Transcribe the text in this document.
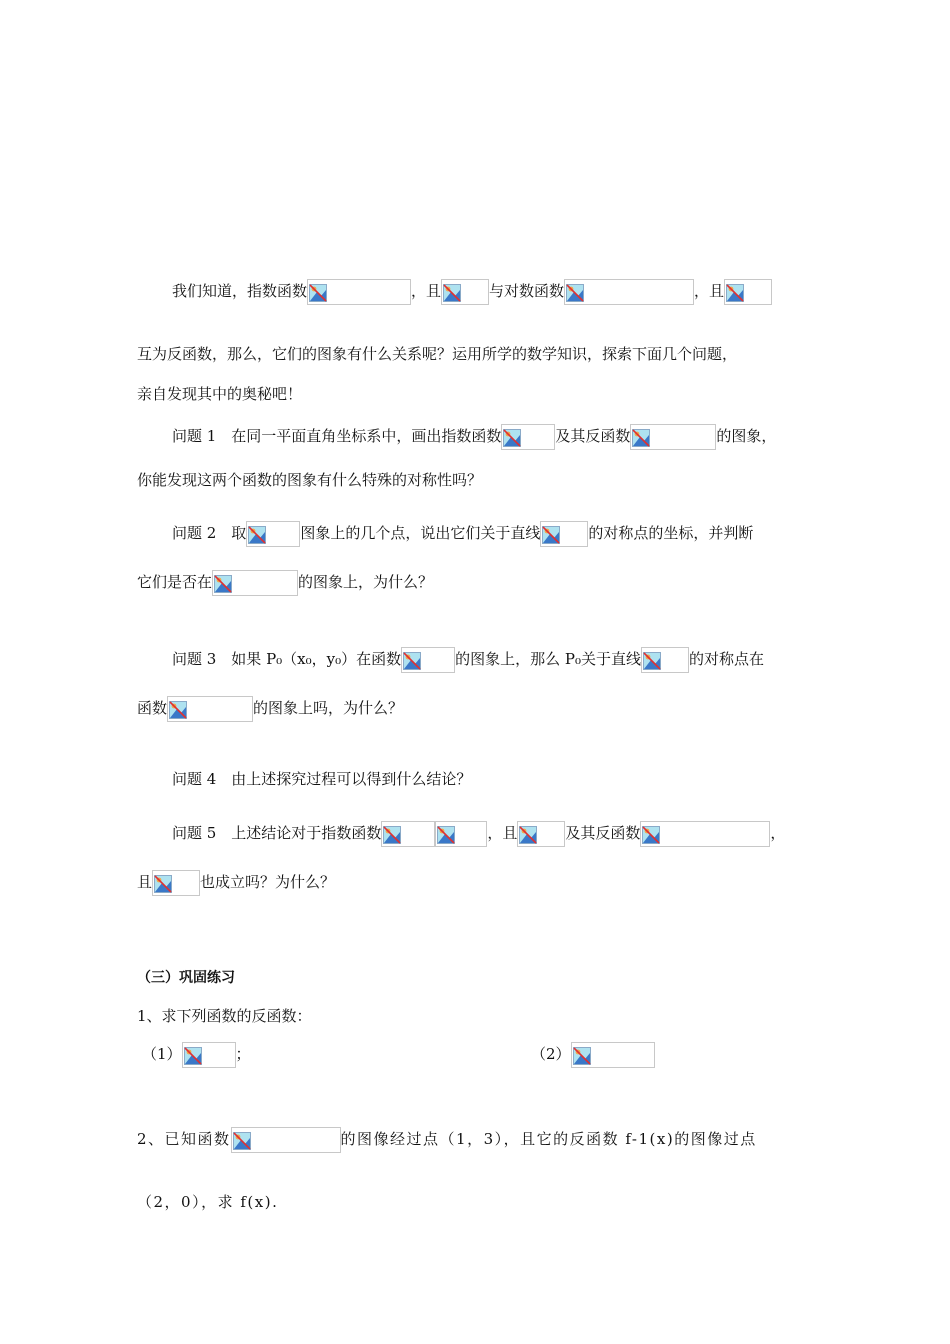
我们知道，指数函数	，且	与对数函数	，且
互为反函数，那么，它们的图象有什么关系呢？运用所学的数学知识，探索下面几个问题，
亲自发现其中的奥秘吧！
问题 1　在同一平面直角坐标系中，画出指数函数	及其反函数	的图象，
你能发现这两个函数的图象有什么特殊的对称性吗？
问题 2　取	图象上的几个点，说出它们关于直线	的对称点的坐标，并判断
它们是否在	的图象上，为什么？
问题 3　如果 P₀（x₀，y₀）在函数	的图象上，那么 P₀关于直线	的对称点在
函数	的图象上吗，为什么？
问题 4　由上述探究过程可以得到什么结论？
问题 5　上述结论对于指数函数	，且	及其反函数	，
且	也成立吗？为什么？
（三）巩固练习
1、求下列函数的反函数：
（1）	；	（2）
2、已知函数	的图像经过点（1，3），且它的反函数 f-1(x)的图像过点
（2，0），求 f(x).
